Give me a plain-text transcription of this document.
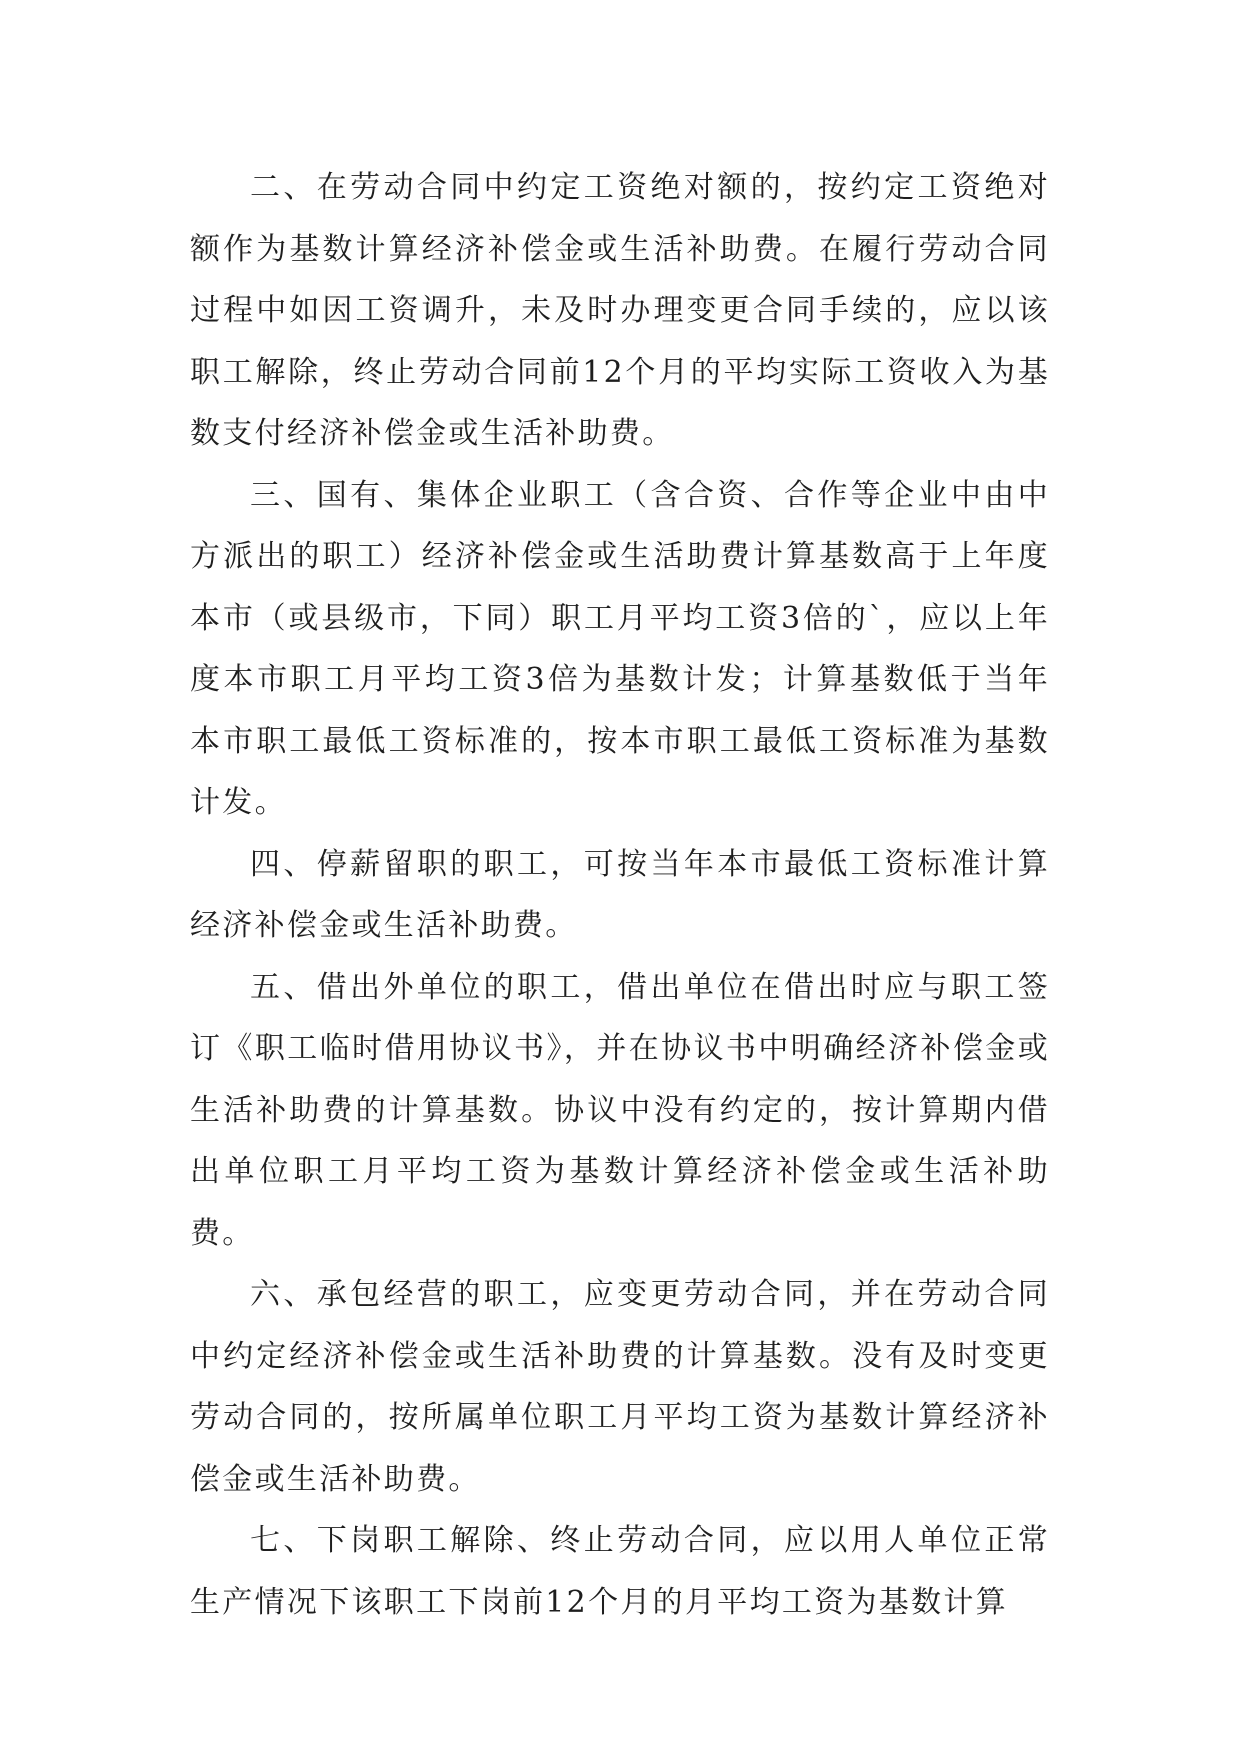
二、在劳动合同中约定工资绝对额的，按约定工资绝对额作为基数计算经济补偿金或生活补助费。在履行劳动合同过程中如因工资调升，未及时办理变更合同手续的，应以该职工解除，终止劳动合同前12个月的平均实际工资收入为基数支付经济补偿金或生活补助费。

三、国有、集体企业职工（含合资、合作等企业中由中方派出的职工）经济补偿金或生活助费计算基数高于上年度本市（或县级市，下同）职工月平均工资3倍的`，应以上年度本市职工月平均工资3倍为基数计发；计算基数低于当年本市职工最低工资标准的，按本市职工最低工资标准为基数计发。

四、停薪留职的职工，可按当年本市最低工资标准计算经济补偿金或生活补助费。

五、借出外单位的职工，借出单位在借出时应与职工签订《职工临时借用协议书》，并在协议书中明确经济补偿金或生活补助费的计算基数。协议中没有约定的，按计算期内借出单位职工月平均工资为基数计算经济补偿金或生活补助费。

六、承包经营的职工，应变更劳动合同，并在劳动合同中约定经济补偿金或生活补助费的计算基数。没有及时变更劳动合同的，按所属单位职工月平均工资为基数计算经济补偿金或生活补助费。

七、下岗职工解除、终止劳动合同，应以用人单位正常生产情况下该职工下岗前12个月的月平均工资为基数计算
